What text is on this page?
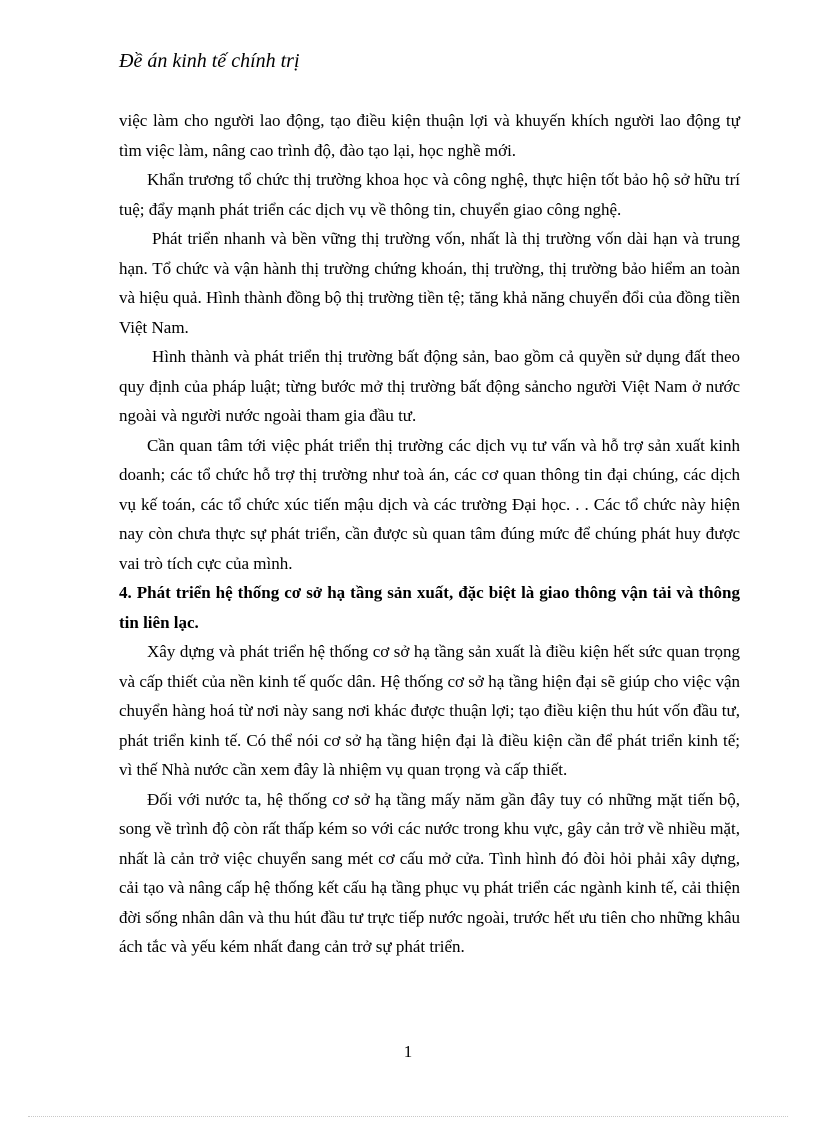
Đề án kinh tế chính trị

việc làm cho người lao động, tạo điều kiện thuận lợi và khuyến khích người lao động tự tìm việc làm, nâng cao trình độ, đào tạo lại, học nghề mới.

Khẩn trương tổ chức thị trường khoa học và công nghệ, thực hiện tốt bảo hộ sở hữu trí tuệ; đẩy mạnh phát triển các dịch vụ về thông tin, chuyển giao công nghệ.

Phát triển nhanh và bền vững thị trường vốn, nhất là thị trường vốn dài hạn và trung hạn. Tổ chức và vận hành thị trường chứng khoán, thị trường, thị trường bảo hiểm an toàn và hiệu quả. Hình thành đồng bộ thị trường tiền tệ; tăng khả năng chuyển đổi của đồng tiền Việt Nam.

Hình thành và phát triển thị trường bất động sản, bao gồm cả quyền sử dụng đất theo quy định của pháp luật; từng bước mở thị trường bất động sảncho người Việt Nam ở nước ngoài và người nước ngoài tham gia đầu tư.

Cần quan tâm tới việc phát triển thị trường các dịch vụ tư vấn và hỗ trợ sản xuất kinh doanh; các tổ chức hỗ trợ thị trường như toà án, các cơ quan thông tin đại chúng, các dịch vụ kế toán, các tổ chức xúc tiến mậu dịch và các trường Đại học. . . Các tổ chức này hiện nay còn chưa thực sự phát triển, cần được sù quan tâm đúng mức để chúng phát huy được vai trò tích cực của mình.

4. Phát triển hệ thống cơ sở hạ tầng sản xuất, đặc biệt là giao thông vận tải và thông tin liên lạc.

Xây dựng và phát triển hệ thống cơ sở hạ tầng sản xuất là điều kiện hết sức quan trọng và cấp thiết của nền kinh tế quốc dân. Hệ thống cơ sở hạ tầng hiện đại sẽ giúp cho việc vận chuyển hàng hoá từ nơi này sang nơi khác được thuận lợi; tạo điều kiện thu hút vốn đầu tư, phát triển kinh tế. Có thể nói cơ sở hạ tầng hiện đại là điều kiện cần để phát triển kinh tế; vì thế Nhà nước cần xem đây là nhiệm vụ quan trọng và cấp thiết.

Đối với nước ta, hệ thống cơ sở hạ tầng mấy năm gần đây tuy có những mặt tiến bộ, song về trình độ còn rất thấp kém so với các nước trong khu vực, gây cản trở về nhiều mặt, nhất là cản trở việc chuyển sang mét cơ cấu mở cửa. Tình hình đó đòi hỏi phải xây dựng, cải tạo và nâng cấp hệ thống kết cấu hạ tầng phục vụ phát triển các ngành kinh tế, cải thiện đời sống nhân dân và thu hút đầu tư trực tiếp nước ngoài, trước hết ưu tiên cho những khâu ách tắc và yếu kém nhất đang cản trở sự phát triển.

1
